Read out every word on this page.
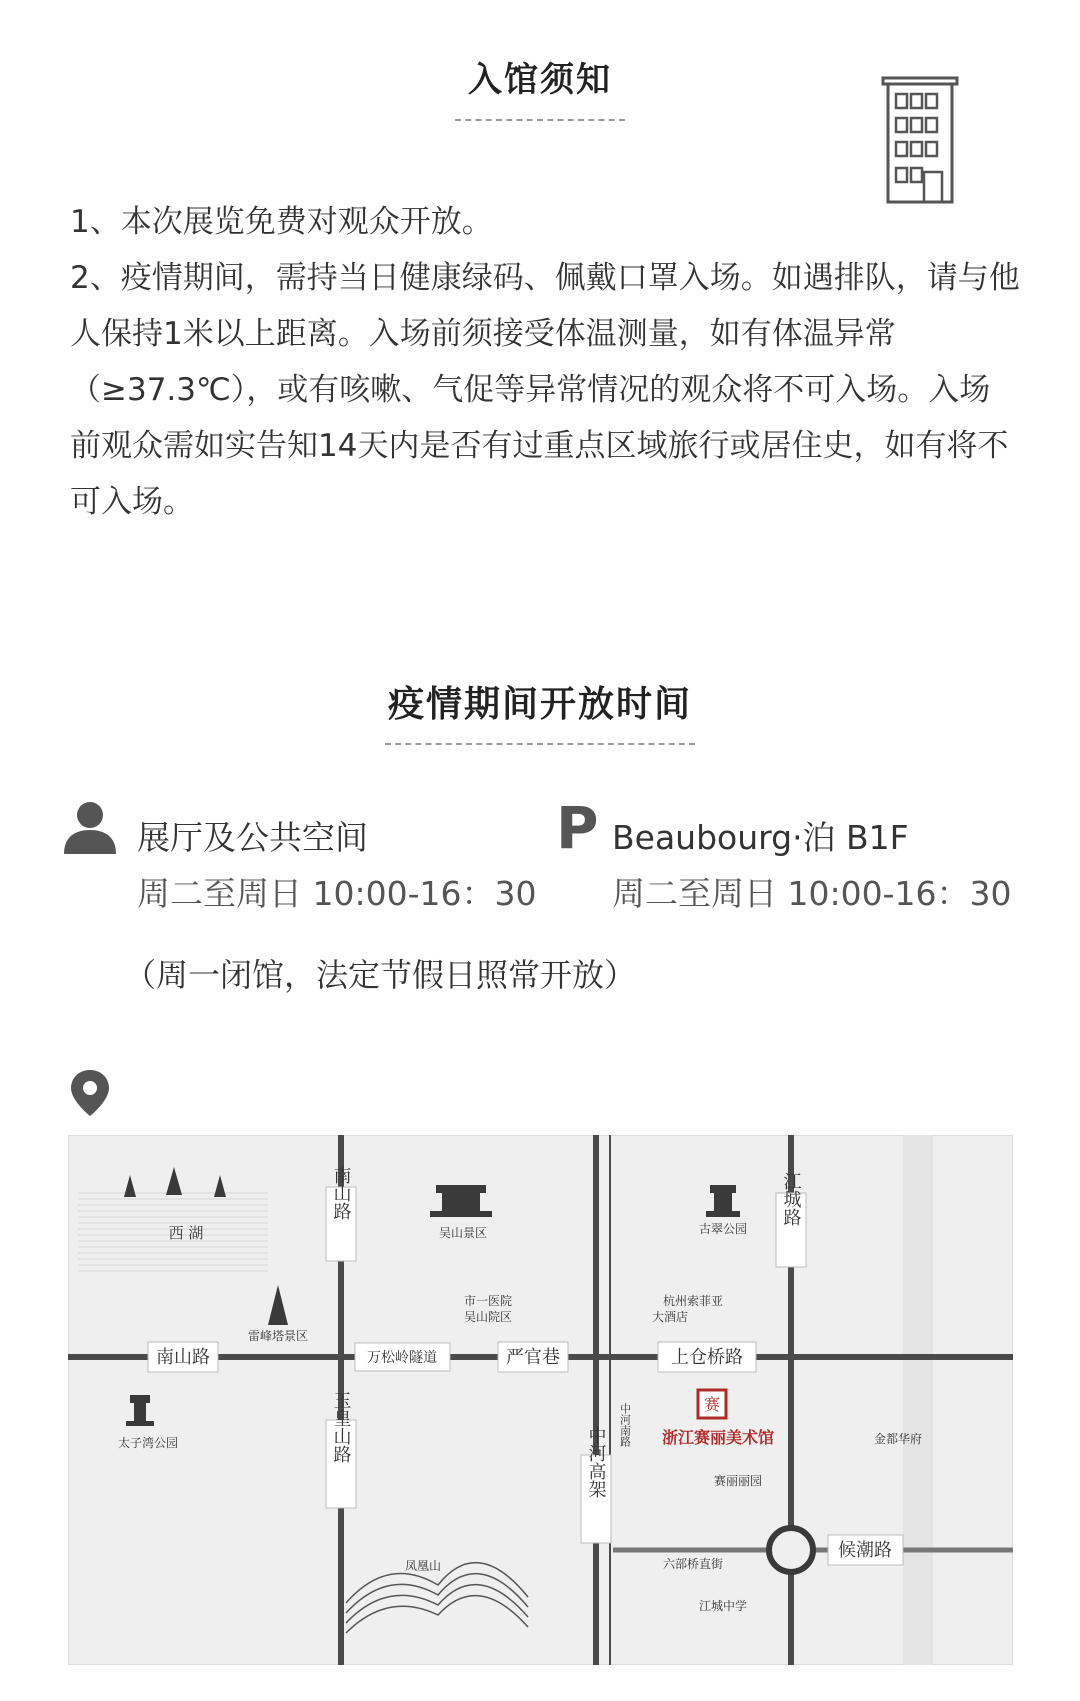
入馆须知
1、本次展览免费对观众开放。
2、疫情期间，需持当日健康绿码、佩戴口罩入场。如遇排队，请与他人保持1米以上距离。入场前须接受体温测量，如有体温异常（≥37.3℃），或有咳嗽、气促等异常情况的观众将不可入场。入场前观众需如实告知14天内是否有过重点区域旅行或居住史，如有将不可入场。
疫情期间开放时间
展厅及公共空间
周二至周日 10:00-16：30
P Beaubourg·泊 B1F
周二至周日 10:00-16：30
（周一闭馆，法定节假日照常开放）
西 湖
雷峰塔景区
南山路
太子湾公园
吴山景区
市一医院
吴山院区
万松岭隧道	严官巷
凤凰山
古翠公园
杭州索菲亚
大酒店
上仓桥路
赛
浙江赛丽美术馆
赛丽丽园
金都华府
候潮路
六部桥直街
江城中学
南山路
玉皇山路	中河高架
江城路
中河南路
